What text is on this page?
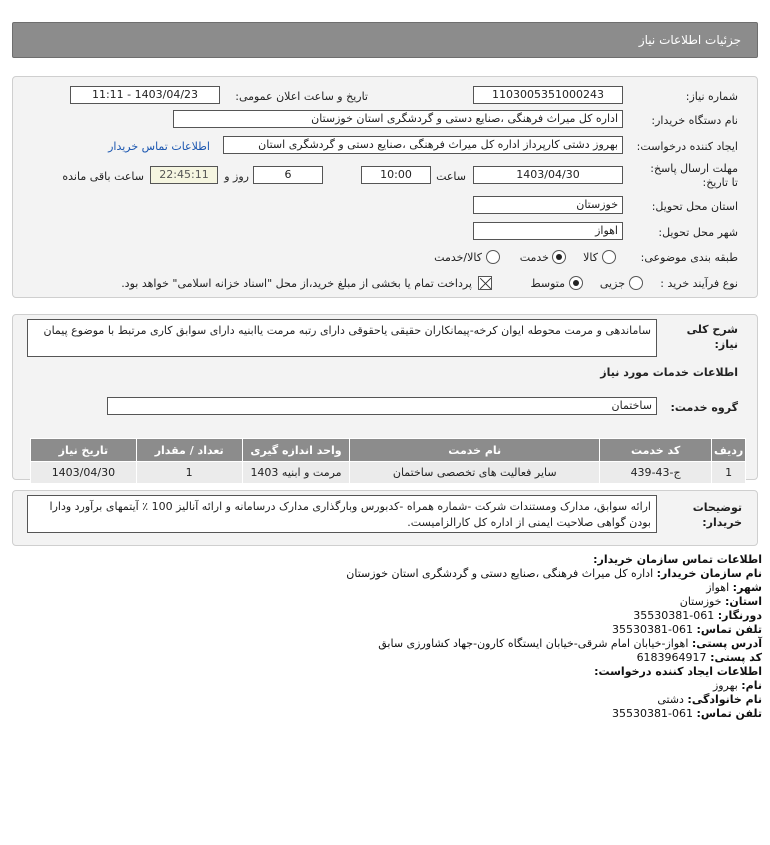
جزئیات اطلاعات نیاز
شماره نیاز:
1103005351000243
تاریخ و ساعت اعلان عمومی:
1403/04/23 - 11:11
نام دستگاه خریدار:
اداره کل میراث فرهنگی ،صنایع دستی و گردشگری استان خوزستان
ایجاد کننده درخواست:
بهروز دشتی کارپرداز اداره کل میراث فرهنگی ،صنایع دستی و گردشگری استان
اطلاعات تماس خریدار
مهلت ارسال پاسخ: تا تاریخ:
1403/04/30
ساعت
10:00
6
روز و
22:45:11
ساعت باقی مانده
استان محل تحویل:
خوزستان
شهر محل تحویل:
اهواز
طبقه بندی موضوعی:
کالا
خدمت
کالا/خدمت
نوع فرآیند خرید :
جزیی
متوسط
پرداخت تمام یا بخشی از مبلغ خرید،از محل "اسناد خزانه اسلامی" خواهد بود.
شرح کلی نیاز:
ساماندهی و مرمت محوطه ایوان کرخه-پیمانکاران حقیقی یاحقوقی دارای رتبه مرمت یاابنیه دارای سوابق کاری مرتبط با موضوع پیمان
اطلاعات خدمات مورد نیاز
گروه خدمت:
ساختمان
ردیف	کد خدمت	نام خدمت	واحد اندازه گیری	تعداد / مقدار	تاریخ نیاز
1	ج-43-439	سایر فعالیت های تخصصی ساختمان	مرمت و ابنیه 1403	1	1403/04/30
توضیحات خریدار:
ارائه سوابق، مدارک ومستندات شرکت -شماره همراه -کدبورس وبارگذاری مدارک درسامانه و ارائه آنالیز 100 ٪ آیتمهای برآورد ودارا بودن گواهی صلاحیت ایمنی از اداره کل کارالزامیست.
اطلاعات تماس سازمان خریدار:
نام سازمان خریدار: اداره کل میراث فرهنگی ،صنایع دستی و گردشگری استان خوزستان
شهر: اهواز
استان: خوزستان
دورنگار: 061-35530381
تلفن تماس: 061-35530381
آدرس پستی: اهواز-خیابان امام شرقی-خیابان ایستگاه کارون-جهاد کشاورزی سابق
کد پستی: 6183964917
اطلاعات ایجاد کننده درخواست:
نام: بهروز
نام خانوادگی: دشتی
تلفن تماس: 061-35530381
